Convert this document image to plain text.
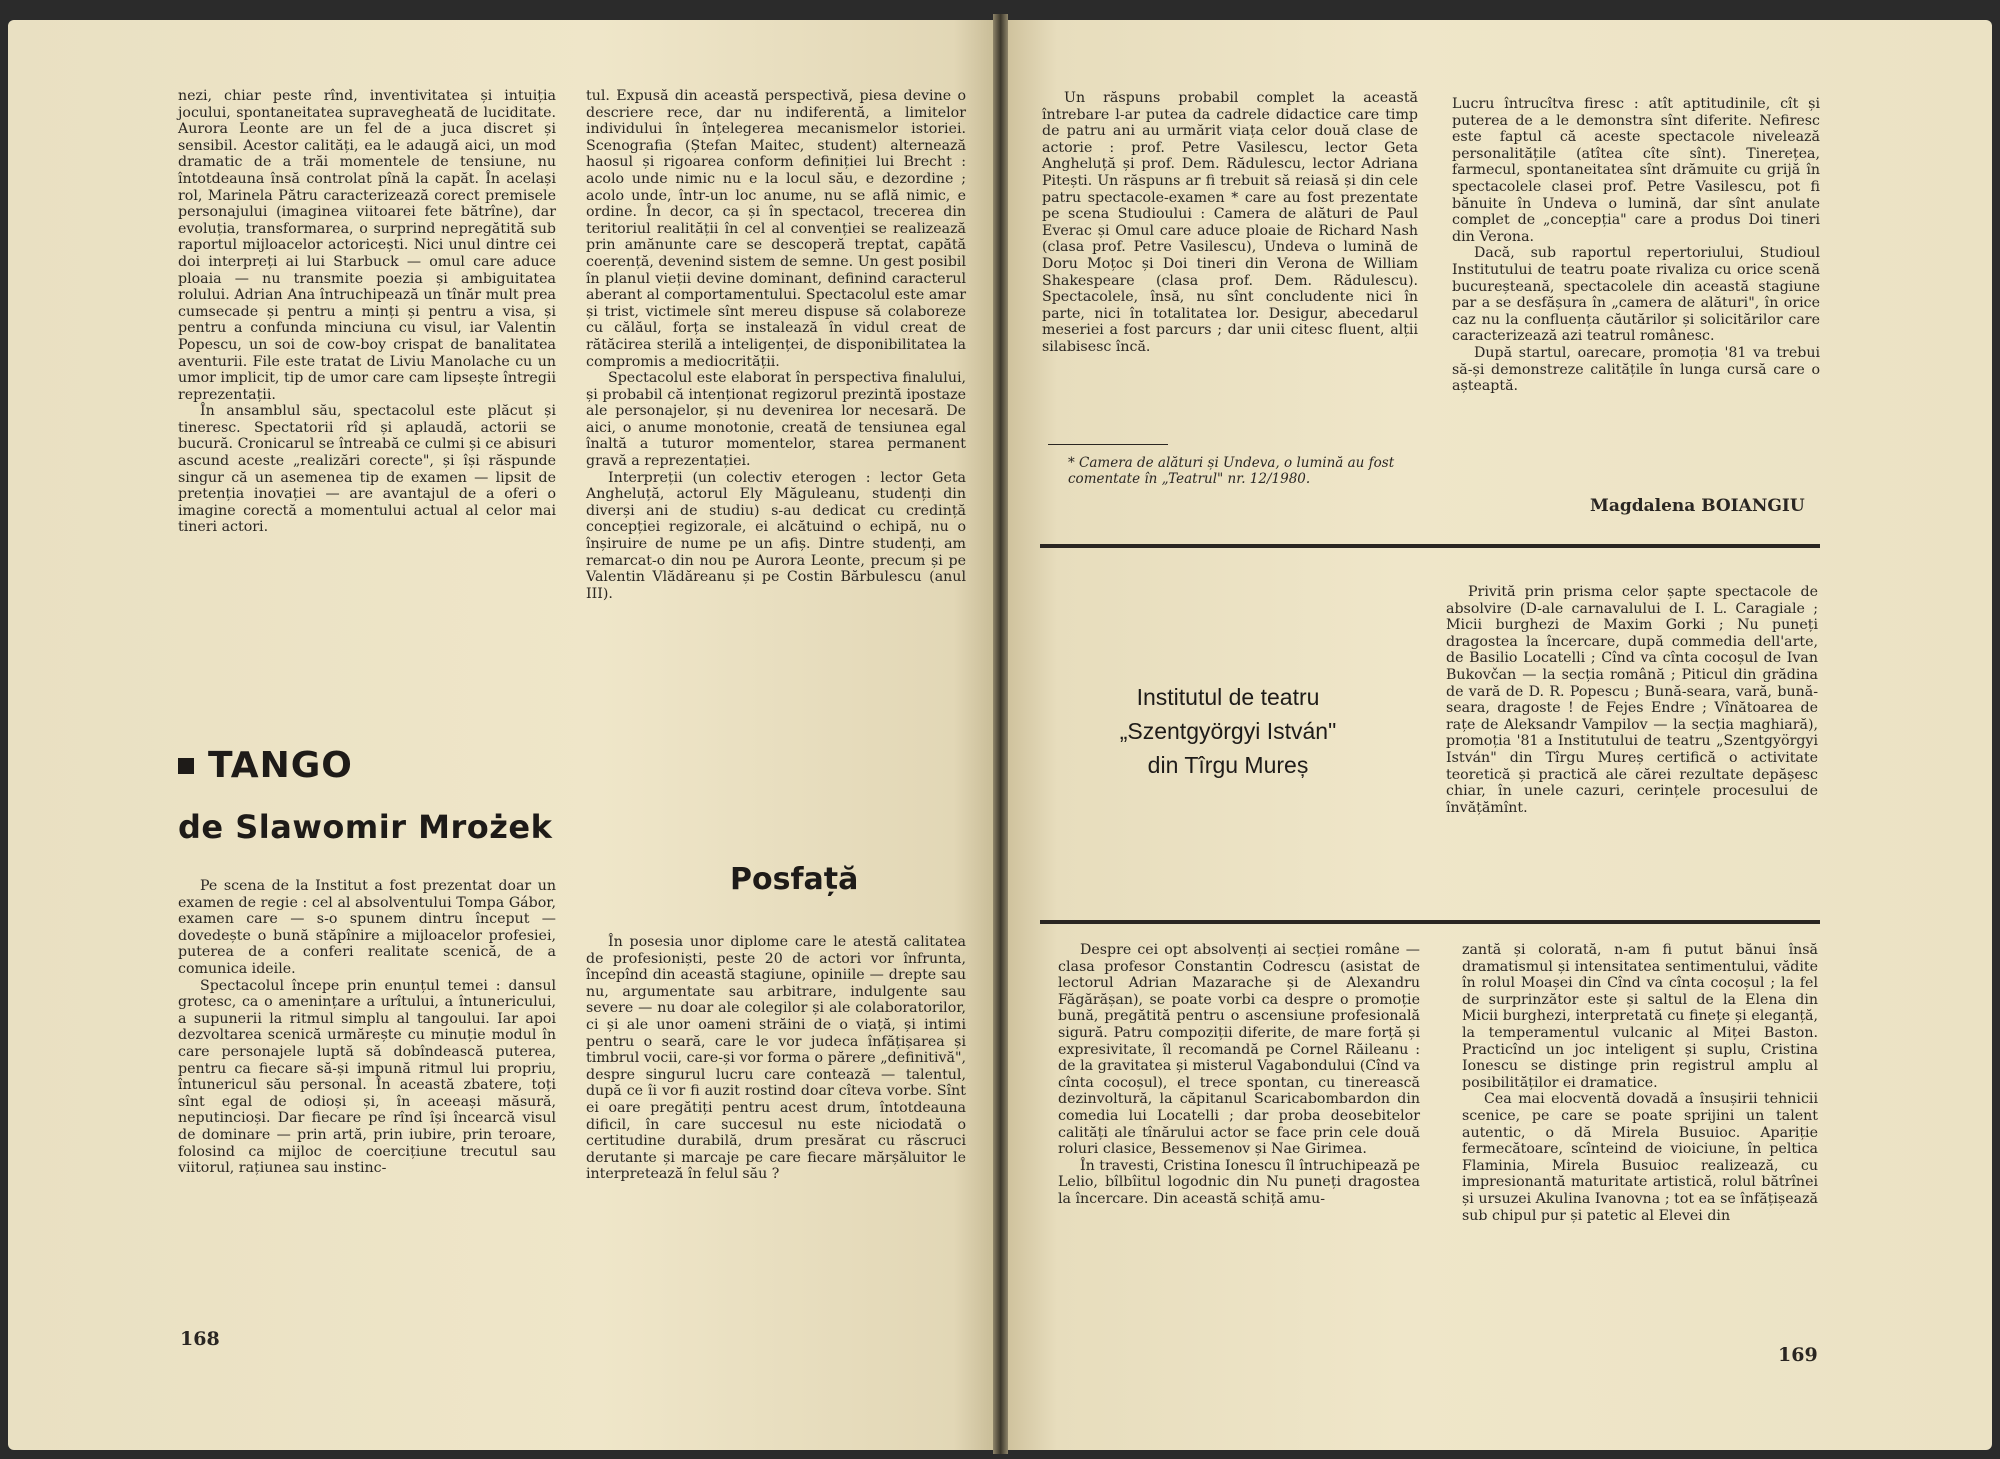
nezi, chiar peste rînd, inventivitatea și intuiția jocului, spontaneitatea supravegheată de luciditate. Aurora Leonte are un fel de a juca discret și sensibil. Acestor calități, ea le adaugă aici, un mod dramatic de a trăi momentele de tensiune, nu întotdeauna însă controlat pînă la capăt. În același rol, Marinela Pătru caracterizează corect premisele personajului (imaginea viitoarei fete bătrîne), dar evoluția, transformarea, o surprind nepregătită sub raportul mijloacelor actoricești. Nici unul dintre cei doi interpreți ai lui Starbuck — omul care aduce ploaia — nu transmite poezia și ambiguitatea rolului. Adrian Ana întruchipează un tînăr mult prea cumsecade și pentru a minți și pentru a visa, și pentru a confunda minciuna cu visul, iar Valentin Popescu, un soi de cow-boy crispat de banalitatea aventurii. File este tratat de Liviu Manolache cu un umor implicit, tip de umor care cam lipsește întregii reprezentații.

În ansamblul său, spectacolul este plăcut și tineresc. Spectatorii rîd și aplaudă, actorii se bucură. Cronicarul se întreabă ce culmi și ce abisuri ascund aceste „realizări corecte", și își răspunde singur că un asemenea tip de examen — lipsit de pretenția inovației — are avantajul de a oferi o imagine corectă a momentului actual al celor mai tineri actori.

TANGO
de Slawomir Mrożek

Pe scena de la Institut a fost prezentat doar un examen de regie : cel al absolventului Tompa Gábor, examen care — s-o spunem dintru început — dovedește o bună stăpînire a mijloacelor profesiei, puterea de a conferi realitate scenică, de a comunica ideile.

Spectacolul începe prin enunțul temei : dansul grotesc, ca o amenințare a urîtului, a întunericului, a supunerii la ritmul simplu al tangoului. Iar apoi dezvoltarea scenică urmărește cu minuție modul în care personajele luptă să dobîndească puterea, pentru ca fiecare să-și impună ritmul lui propriu, întunericul său personal. În această zbatere, toți sînt egal de odioși și, în aceeași măsură, neputincioși. Dar fiecare pe rînd își încearcă visul de dominare — prin artă, prin iubire, prin teroare, folosind ca mijloc de coercițiune trecutul sau viitorul, rațiunea sau instinc-

tul. Expusă din această perspectivă, piesa devine o descriere rece, dar nu indiferentă, a limitelor individului în înțelegerea mecanismelor istoriei. Scenografia (Ștefan Maitec, student) alternează haosul și rigoarea conform definiției lui Brecht : acolo unde nimic nu e la locul său, e dezordine ; acolo unde, într-un loc anume, nu se află nimic, e ordine. În decor, ca și în spectacol, trecerea din teritoriul realității în cel al convenției se realizează prin amănunte care se descoperă treptat, capătă coerență, devenind sistem de semne. Un gest posibil în planul vieții devine dominant, definind caracterul aberant al comportamentului. Spectacolul este amar și trist, victimele sînt mereu dispuse să colaboreze cu călăul, forța se instalează în vidul creat de rătăcirea sterilă a inteligenței, de disponibilitatea la compromis a mediocrității.

Spectacolul este elaborat în perspectiva finalului, și probabil că intenționat regizorul prezintă ipostaze ale personajelor, și nu devenirea lor necesară. De aici, o anume monotonie, creată de tensiunea egal înaltă a tuturor momentelor, starea permanent gravă a reprezentației.

Interpreții (un colectiv eterogen : lector Geta Angheluță, actorul Ely Măguleanu, studenți din diverși ani de studiu) s-au dedicat cu credință concepției regizorale, ei alcătuind o echipă, nu o înșiruire de nume pe un afiș. Dintre studenți, am remarcat-o din nou pe Aurora Leonte, precum și pe Valentin Vlădăreanu și pe Costin Bărbulescu (anul III).

Posfață

În posesia unor diplome care le atestă calitatea de profesioniști, peste 20 de actori vor înfrunta, începînd din această stagiune, opiniile — drepte sau nu, argumentate sau arbitrare, indulgente sau severe — nu doar ale colegilor și ale colaboratorilor, ci și ale unor oameni străini de o viață, și intimi pentru o seară, care le vor judeca înfățișarea și timbrul vocii, care-și vor forma o părere „definitivă", despre singurul lucru care contează — talentul, după ce îi vor fi auzit rostind doar cîteva vorbe. Sînt ei oare pregătiți pentru acest drum, întotdeauna dificil, în care succesul nu este niciodată o certitudine durabilă, drum presărat cu răscruci derutante și marcaje pe care fiecare mărșăluitor le interpretează în felul său ?

168

Un răspuns probabil complet la această întrebare l-ar putea da cadrele didactice care timp de patru ani au urmărit viața celor două clase de actorie : prof. Petre Vasilescu, lector Geta Angheluță și prof. Dem. Rădulescu, lector Adriana Pitești. Un răspuns ar fi trebuit să reiasă și din cele patru spectacole-examen * care au fost prezentate pe scena Studioului : Camera de alături de Paul Everac și Omul care aduce ploaie de Richard Nash (clasa prof. Petre Vasilescu), Undeva o lumină de Doru Moțoc și Doi tineri din Verona de William Shakespeare (clasa prof. Dem. Rădulescu). Spectacolele, însă, nu sînt concludente nici în parte, nici în totalitatea lor. Desigur, abecedarul meseriei a fost parcurs ; dar unii citesc fluent, alții silabisesc încă.

* Camera de alături și Undeva, o lumină au fost comentate în „Teatrul" nr. 12/1980.

Lucru întrucîtva firesc : atît aptitudinile, cît și puterea de a le demonstra sînt diferite. Nefiresc este faptul că aceste spectacole nivelează personalitățile (atîtea cîte sînt). Tinerețea, farmecul, spontaneitatea sînt drămuite cu grijă în spectacolele clasei prof. Petre Vasilescu, pot fi bănuite în Undeva o lumină, dar sînt anulate complet de „concepția" care a produs Doi tineri din Verona.

Dacă, sub raportul repertoriului, Studioul Institutului de teatru poate rivaliza cu orice scenă bucureșteană, spectacolele din această stagiune par a se desfășura în „camera de alături", în orice caz nu la confluența căutărilor și solicitărilor care caracterizează azi teatrul românesc.

După startul, oarecare, promoția '81 va trebui să-și demonstreze calitățile în lunga cursă care o așteaptă.

Magdalena BOIANGIU
Institutul de teatru
„Szentgyörgyi István"
din Tîrgu Mureș

Privită prin prisma celor șapte spectacole de absolvire (D-ale carnavalului de I. L. Caragiale ; Micii burghezi de Maxim Gorki ; Nu puneți dragostea la încercare, după commedia dell'arte, de Basilio Locatelli ; Cînd va cînta cocoșul de Ivan Bukovčan — la secția română ; Piticul din grădina de vară de D. R. Popescu ; Bună-seara, vară, bună-seara, dragoste ! de Fejes Endre ; Vînătoarea de rațe de Aleksandr Vampilov — la secția maghiară), promoția '81 a Institutului de teatru „Szentgyörgyi István" din Tîrgu Mureș certifică o activitate teoretică și practică ale cărei rezultate depășesc chiar, în unele cazuri, cerințele procesului de învățămînt.

Despre cei opt absolvenți ai secției române — clasa profesor Constantin Codrescu (asistat de lectorul Adrian Mazarache și de Alexandru Făgărășan), se poate vorbi ca despre o promoție bună, pregătită pentru o ascensiune profesională sigură. Patru compoziții diferite, de mare forță și expresivitate, îl recomandă pe Cornel Răileanu : de la gravitatea și misterul Vagabondului (Cînd va cînta cocoșul), el trece spontan, cu tinerească dezinvoltură, la căpitanul Scaricabombardon din comedia lui Locatelli ; dar proba deosebitelor calități ale tînărului actor se face prin cele două roluri clasice, Bessemenov și Nae Girimea.

În travesti, Cristina Ionescu îl întruchipează pe Lelio, bîlbîitul logodnic din Nu puneți dragostea la încercare. Din această schiță amu-

zantă și colorată, n-am fi putut bănui însă dramatismul și intensitatea sentimentului, vădite în rolul Moașei din Cînd va cînta cocoșul ; la fel de surprinzător este și saltul de la Elena din Micii burghezi, interpretată cu finețe și eleganță, la temperamentul vulcanic al Miței Baston. Practicînd un joc inteligent și suplu, Cristina Ionescu se distinge prin registrul amplu al posibilităților ei dramatice.

Cea mai elocventă dovadă a însușirii tehnicii scenice, pe care se poate sprijini un talent autentic, o dă Mirela Busuioc. Apariție fermecătoare, scînteind de vioiciune, în peltica Flaminia, Mirela Busuioc realizează, cu impresionantă maturitate artistică, rolul bătrînei și ursuzei Akulina Ivanovna ; tot ea se înfățișează sub chipul pur și patetic al Elevei din

169
